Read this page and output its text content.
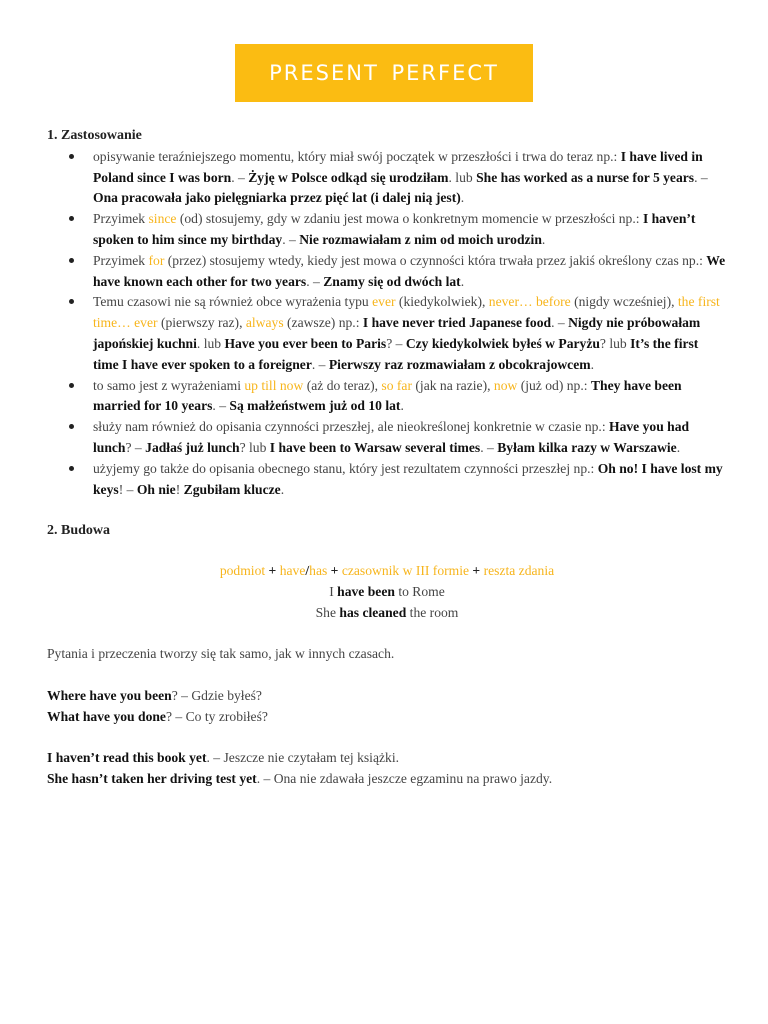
PRESENT PERFECT

1. Zastosowanie

opisywanie teraźniejszego momentu, który miał swój początek w przeszłości i trwa do teraz np.: I have lived in Poland since I was born. – Żyję w Polsce odkąd się urodziłam. lub She has worked as a nurse for 5 years. – Ona pracowała jako pielęgniarka przez pięć lat (i dalej nią jest).
Przyimek since (od) stosujemy, gdy w zdaniu jest mowa o konkretnym momencie w przeszłości np.: I haven’t spoken to him since my birthday. – Nie rozmawiałam z nim od moich urodzin.
Przyimek for (przez) stosujemy wtedy, kiedy jest mowa o czynności która trwała przez jakiś określony czas np.: We have known each other for two years. – Znamy się od dwóch lat.
Temu czasowi nie są również obce wyrażenia typu ever (kiedykolwiek), never… before (nigdy wcześniej), the first time… ever (pierwszy raz), always (zawsze) np.: I have never tried Japanese food. – Nigdy nie próbowałam japońskiej kuchni. lub Have you ever been to Paris? – Czy kiedykolwiek byłeś w Paryżu? lub It’s the first time I have ever spoken to a foreigner. – Pierwszy raz rozmawiałam z obcokrajowcem.
to samo jest z wyrażeniami up till now (aż do teraz), so far (jak na razie), now (już od) np.: They have been married for 10 years. – Są małżeństwem już od 10 lat.
służy nam również do opisania czynności przeszłej, ale nieokreślonej konkretnie w czasie np.: Have you had lunch? – Jadłaś już lunch? lub I have been to Warsaw several times. – Byłam kilka razy w Warszawie.
użyjemy go także do opisania obecnego stanu, który jest rezultatem czynności przeszłej np.: Oh no! I have lost my keys! – Oh nie! Zgubiłam klucze.

2. Budowa

podmiot + have/has + czasownik w III formie + reszta zdania
I have been to Rome
She has cleaned the room

Pytania i przeczenia tworzy się tak samo, jak w innych czasach.

Where have you been? – Gdzie byłeś?

What have you done? – Co ty zrobiłeś?

I haven’t read this book yet. – Jeszcze nie czytałam tej książki.

She hasn’t taken her driving test yet. – Ona nie zdawała jeszcze egzaminu na prawo jazdy.
